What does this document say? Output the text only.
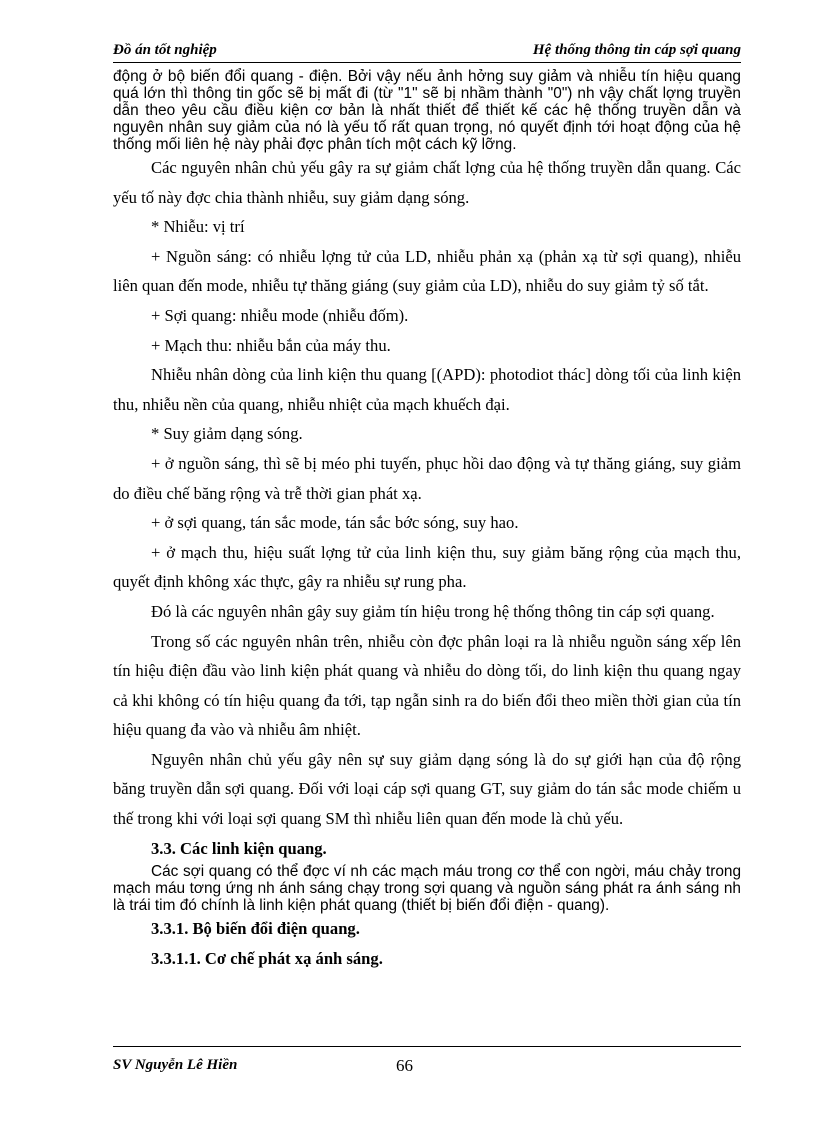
Đồ án tốt nghiệp	Hệ thống thông tin cáp sợi quang

động ở bộ biến đổi quang - điện. Bởi vậy nếu ảnh hởng suy giảm và nhiễu tín hiệu quang quá lớn thì thông tin gốc sẽ bị mất đi (từ "1" sẽ bị nhầm thành "0") nh vậy chất lợng truyền dẫn theo yêu cầu điều kiện cơ bản là nhất thiết để thiết kế các hệ thống truyền dẫn và nguyên nhân suy giảm của nó là yếu tố rất quan trọng, nó quyết định tới hoạt động của hệ thống mối liên hệ này phải đợc phân tích một cách kỹ lỡng.

Các nguyên nhân chủ yếu gây ra sự giảm chất lợng của hệ thống truyền dẫn quang. Các yếu tố này đợc chia thành nhiễu, suy giảm dạng sóng.

* Nhiễu: vị trí

+ Nguồn sáng: có nhiễu lợng tử của LD, nhiễu phản xạ (phản xạ từ sợi quang), nhiễu liên quan đến mode, nhiễu tự thăng giáng (suy giảm của LD), nhiễu do suy giảm tỷ số tắt.

+ Sợi quang: nhiễu mode (nhiễu đốm).

+ Mạch thu: nhiễu bắn của máy thu.

Nhiễu nhân dòng của linh kiện thu quang [(APD): photodiot thác] dòng tối của linh kiện thu, nhiễu nền của quang, nhiễu nhiệt của mạch khuếch đại.

* Suy giảm dạng sóng.

+ ở nguồn sáng, thì sẽ bị méo phi tuyến, phục hồi dao động và tự thăng giáng, suy giảm do điều chế băng rộng và trễ thời gian phát xạ.

+ ở sợi quang, tán sắc mode, tán sắc bớc sóng, suy hao.

+ ở mạch thu, hiệu suất lợng tử của linh kiện thu, suy giảm băng rộng của mạch thu, quyết định không xác thực, gây ra nhiễu sự rung pha.

Đó là các nguyên nhân gây suy giảm tín hiệu trong hệ thống thông tin cáp sợi quang.

Trong số các nguyên nhân trên, nhiễu còn đợc phân loại ra là nhiễu nguồn sáng xếp lên tín hiệu điện đầu vào linh kiện phát quang và nhiễu do dòng tối, do linh kiện thu quang ngay cả khi không có tín hiệu quang đa tới, tạp ngẫn sinh ra do biến đổi theo miền thời gian của tín hiệu quang đa vào và nhiễu âm nhiệt.

Nguyên nhân chủ yếu gây nên sự suy giảm dạng sóng là do sự giới hạn của độ rộng băng truyền dẫn sợi quang. Đối với loại cáp sợi quang GT, suy giảm do tán sắc mode chiếm u thế trong khi với loại sợi quang SM thì nhiễu liên quan đến mode là chủ yếu.

3.3. Các linh kiện quang.

Các sợi quang có thể đợc ví nh các mạch máu trong cơ thể con ngời, máu chảy trong mạch máu tơng ứng nh ánh sáng chạy trong sợi quang và nguồn sáng phát ra ánh sáng nh là trái tim đó chính là linh kiện phát quang (thiết bị biến đổi điện - quang).

3.3.1. Bộ biến đổi điện quang.

3.3.1.1. Cơ chế phát xạ ánh sáng.

SV Nguyễn Lê Hiền	66
